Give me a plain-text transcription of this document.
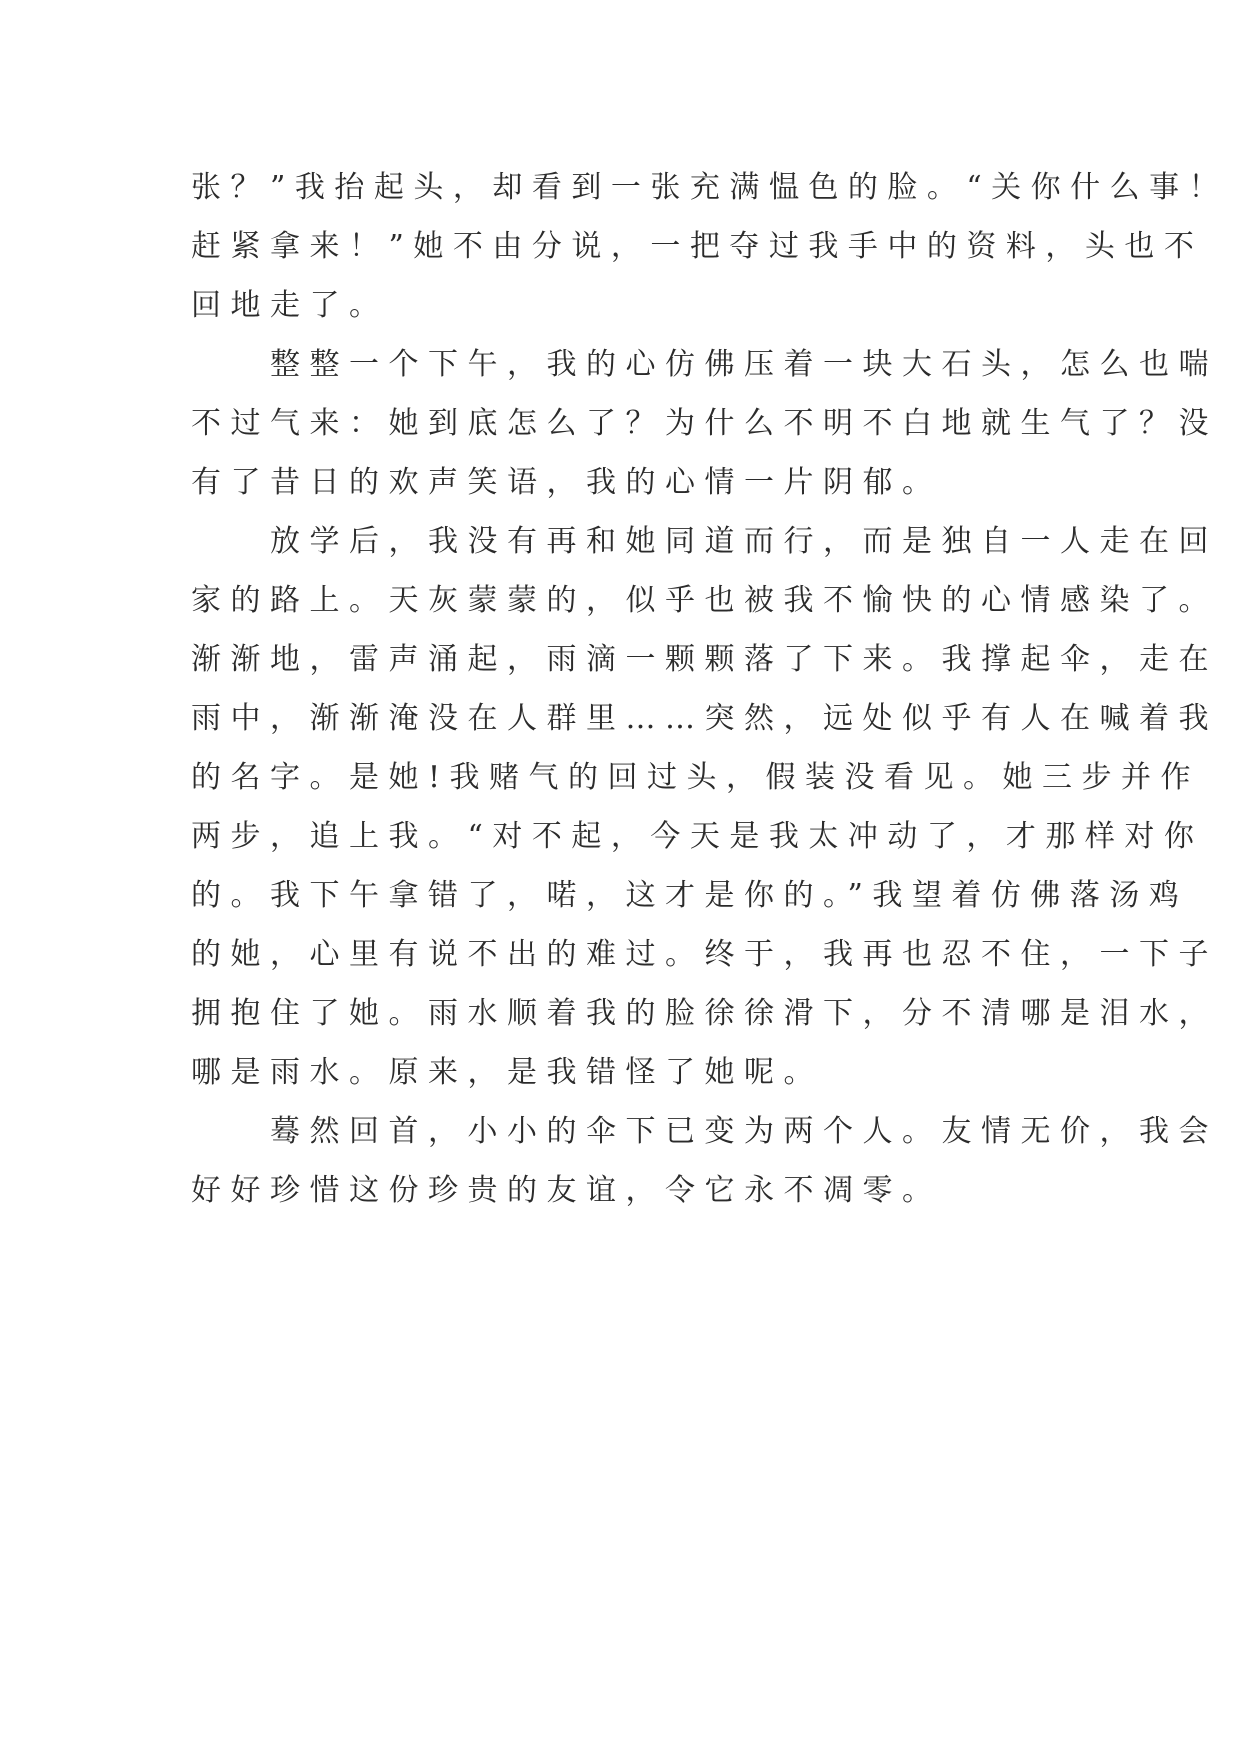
张？”我抬起头，却看到一张充满愠色的脸。“关你什么事！
赶紧拿来！”她不由分说，一把夺过我手中的资料，头也不
回地走了。
　　整整一个下午，我的心仿佛压着一块大石头，怎么也喘
不过气来：她到底怎么了？为什么不明不白地就生气了？没
有了昔日的欢声笑语，我的心情一片阴郁。
　　放学后，我没有再和她同道而行，而是独自一人走在回
家的路上。天灰蒙蒙的，似乎也被我不愉快的心情感染了。
渐渐地，雷声涌起，雨滴一颗颗落了下来。我撑起伞，走在
雨中，渐渐淹没在人群里……突然，远处似乎有人在喊着我
的名字。是她!我赌气的回过头，假装没看见。她三步并作
两步，追上我。“对不起，今天是我太冲动了，才那样对你
的。我下午拿错了，喏，这才是你的。”我望着仿佛落汤鸡
的她，心里有说不出的难过。终于，我再也忍不住，一下子
拥抱住了她。雨水顺着我的脸徐徐滑下，分不清哪是泪水，
哪是雨水。原来，是我错怪了她呢。
　　蓦然回首，小小的伞下已变为两个人。友情无价，我会
好好珍惜这份珍贵的友谊，令它永不凋零。
